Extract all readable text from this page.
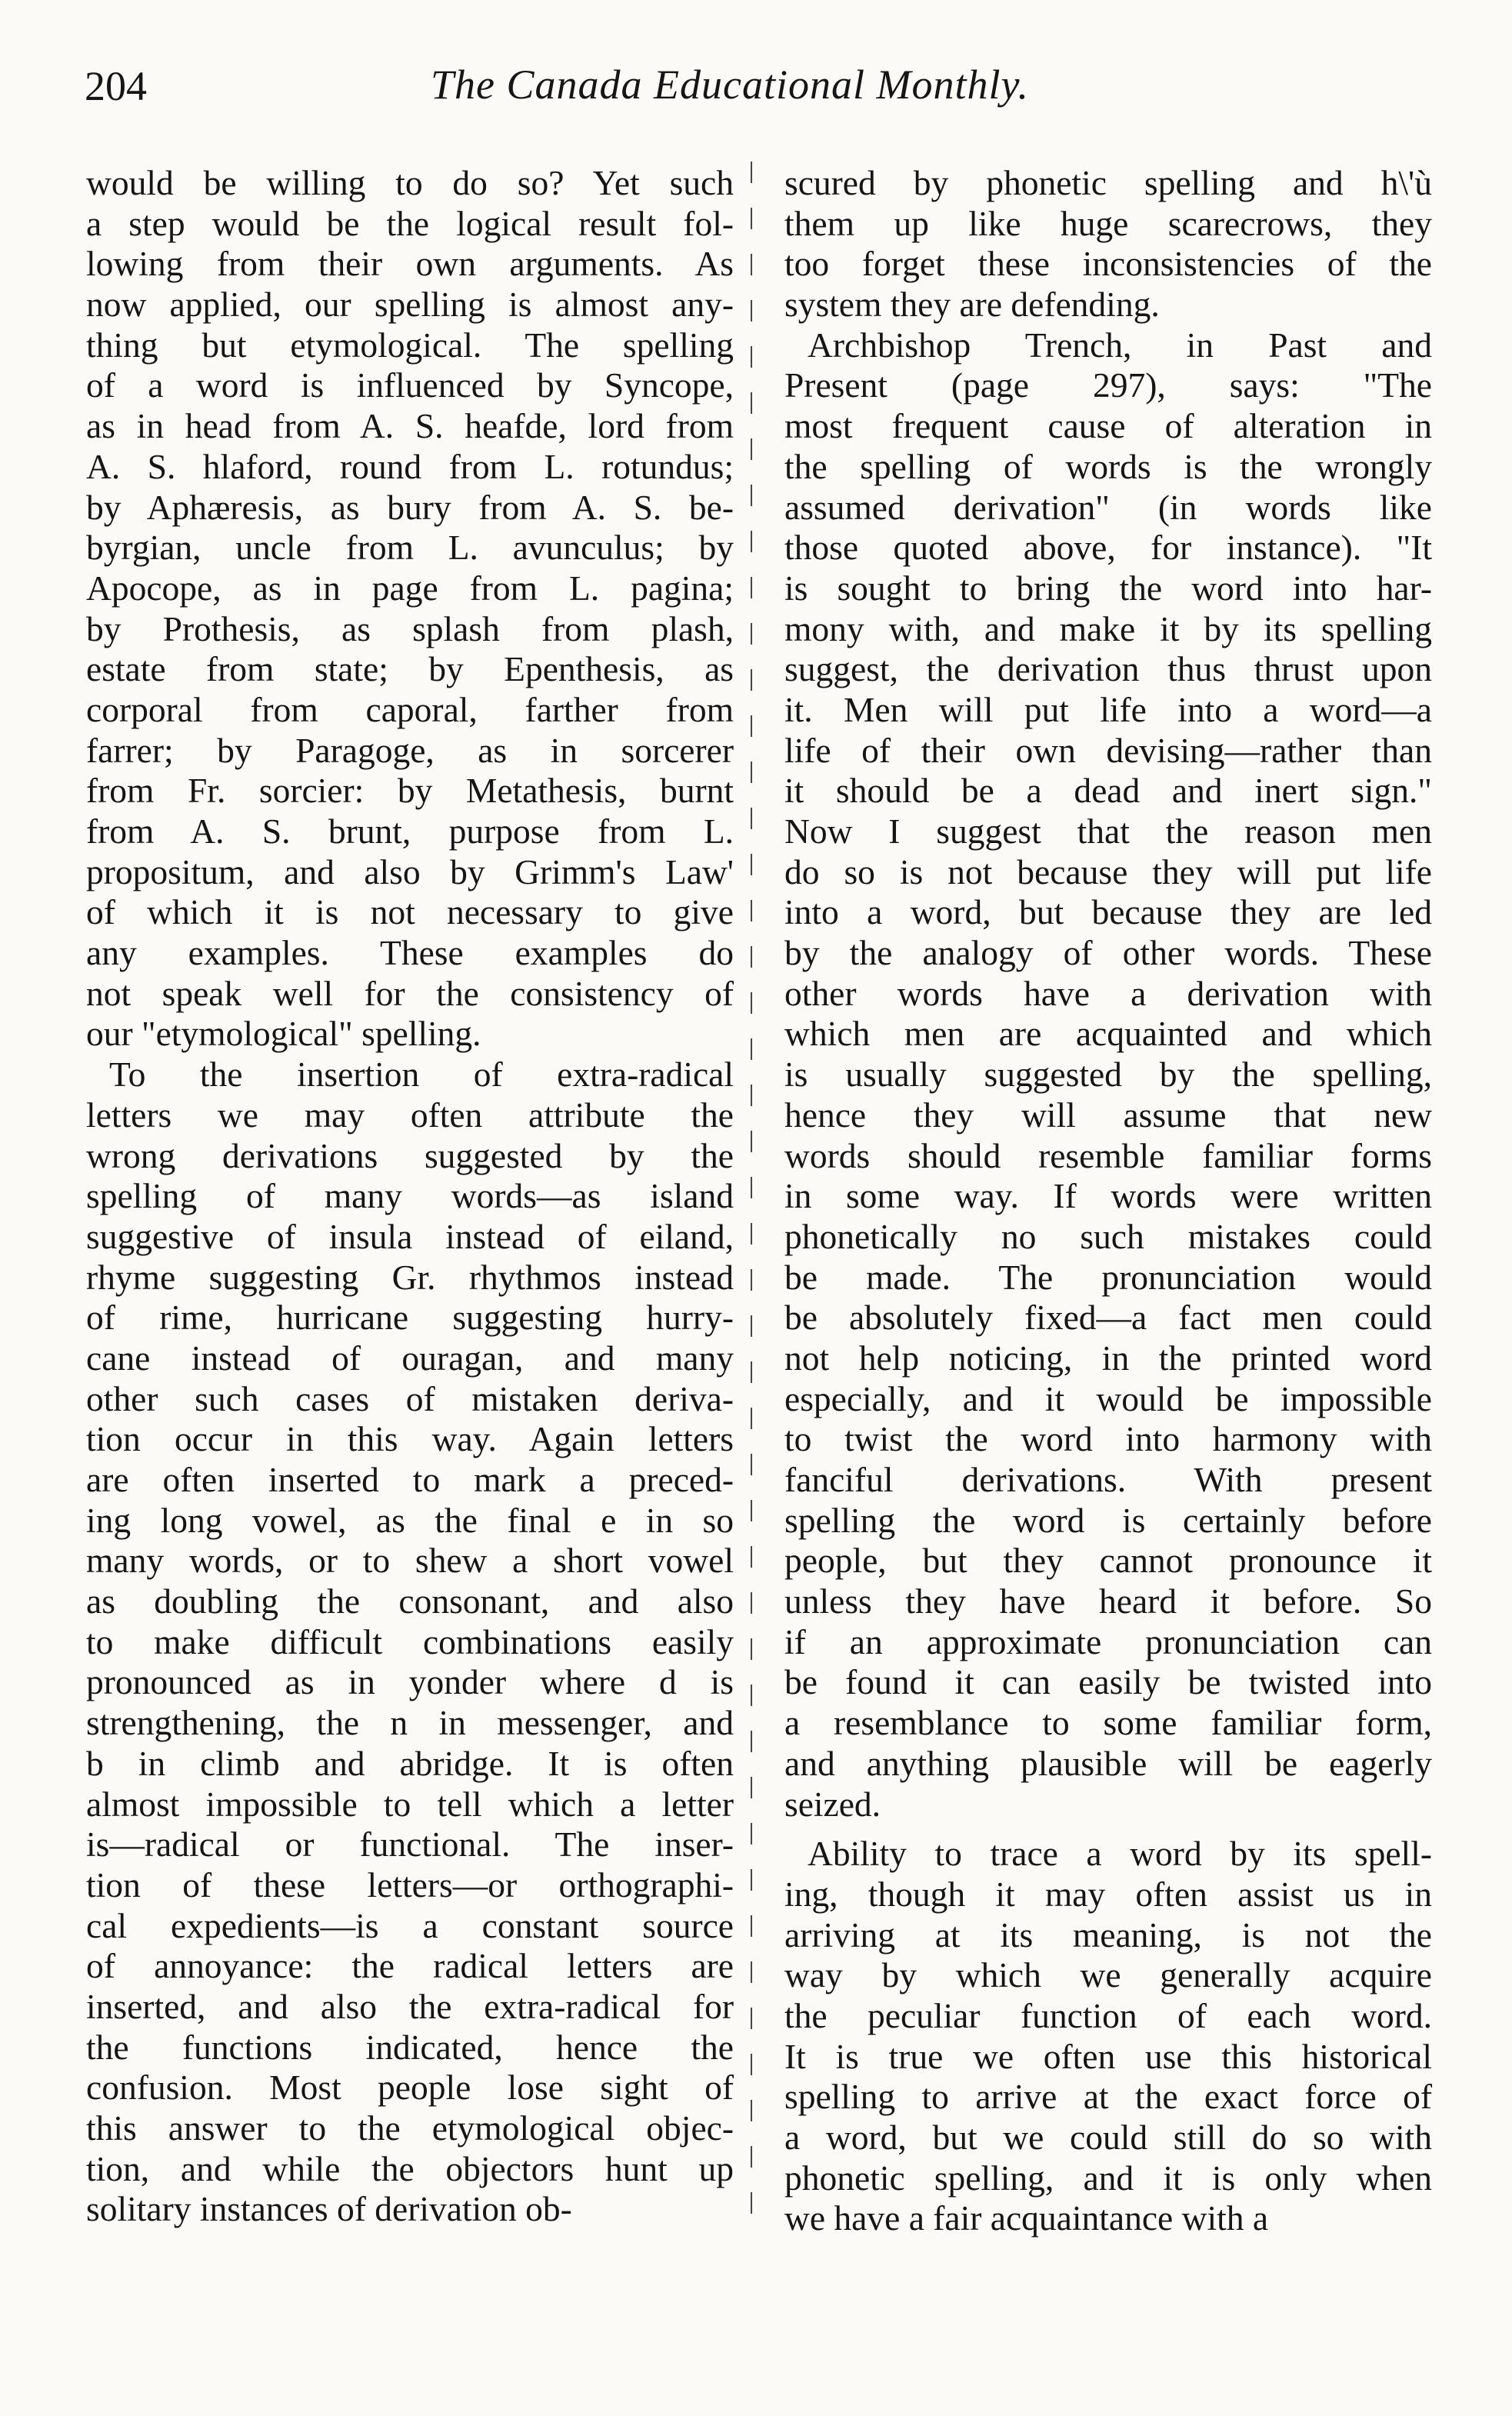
204	The Canada Educational Monthly.
would be willing to do so? Yet such
a step would be the logical result fol-
lowing from their own arguments. As
now applied, our spelling is almost any-
thing but etymological. The spelling
of a word is influenced by Syncope,
as in head from A. S. heafde, lord from
A. S. hlaford, round from L. rotundus;
by Aphæresis, as bury from A. S. be-
byrgian, uncle from L. avunculus; by
Apocope, as in page from L. pagina;
by Prothesis, as splash from plash,
estate from state; by Epenthesis, as
corporal from caporal, farther from
farrer; by Paragoge, as in sorcerer
from Fr. sorcier: by Metathesis, burnt
from A. S. brunt, purpose from L.
propositum, and also by Grimm's Law'
of which it is not necessary to give
any examples. These examples do
not speak well for the consistency of
our "etymological" spelling.
To the insertion of extra-radical
letters we may often attribute the
wrong derivations suggested by the
spelling of many words—as island
suggestive of insula instead of eiland,
rhyme suggesting Gr. rhythmos instead
of rime, hurricane suggesting hurry-
cane instead of ouragan, and many
other such cases of mistaken deriva-
tion occur in this way. Again letters
are often inserted to mark a preced-
ing long vowel, as the final e in so
many words, or to shew a short vowel
as doubling the consonant, and also
to make difficult combinations easily
pronounced as in yonder where d is
strengthening, the n in messenger, and
b in climb and abridge. It is often
almost impossible to tell which a letter
is—radical or functional. The inser-
tion of these letters—or orthographi-
cal expedients—is a constant source
of annoyance: the radical letters are
inserted, and also the extra-radical for
the functions indicated, hence the
confusion. Most people lose sight of
this answer to the etymological objec-
tion, and while the objectors hunt up
solitary instances of derivation ob-
scured by phonetic spelling and h\'ù
them up like huge scarecrows, they
too forget these inconsistencies of the
system they are defending.
Archbishop Trench, in Past and
Present (page 297), says: "The
most frequent cause of alteration in
the spelling of words is the wrongly
assumed derivation" (in words like
those quoted above, for instance). "It
is sought to bring the word into har-
mony with, and make it by its spelling
suggest, the derivation thus thrust upon
it. Men will put life into a word—a
life of their own devising—rather than
it should be a dead and inert sign."
Now I suggest that the reason men
do so is not because they will put life
into a word, but because they are led
by the analogy of other words. These
other words have a derivation with
which men are acquainted and which
is usually suggested by the spelling,
hence they will assume that new
words should resemble familiar forms
in some way. If words were written
phonetically no such mistakes could
be made. The pronunciation would
be absolutely fixed—a fact men could
not help noticing, in the printed word
especially, and it would be impossible
to twist the word into harmony with
fanciful derivations. With present
spelling the word is certainly before
people, but they cannot pronounce it
unless they have heard it before. So
if an approximate pronunciation can
be found it can easily be twisted into
a resemblance to some familiar form,
and anything plausible will be eagerly
seized.
Ability to trace a word by its spell-
ing, though it may often assist us in
arriving at its meaning, is not the
way by which we generally acquire
the peculiar function of each word.
It is true we often use this historical
spelling to arrive at the exact force of
a word, but we could still do so with
phonetic spelling, and it is only when
we have a fair acquaintance with a
